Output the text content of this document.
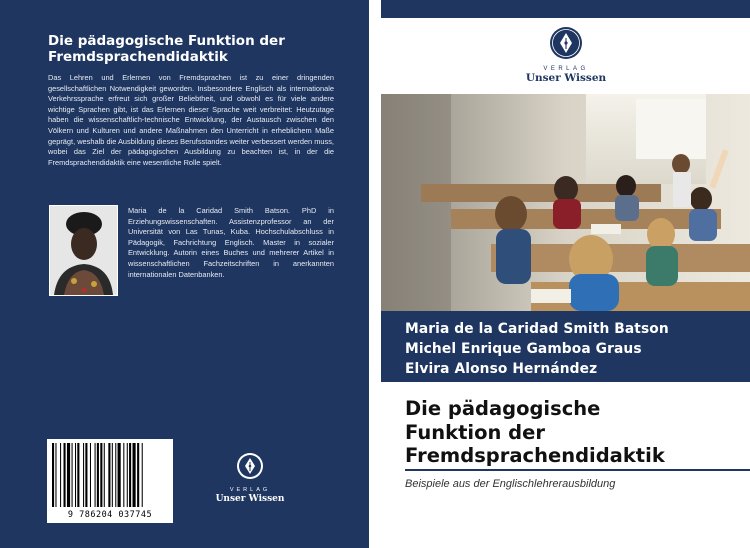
Die pädagogische Funktion der
Fremdsprachendidaktik
Das Lehren und Erlernen von Fremdsprachen ist zu einer dringenden gesellschaftlichen Notwendigkeit geworden. Insbesondere Englisch als internationale Verkehrssprache erfreut sich großer Beliebtheit, und obwohl es für viele andere wichtige Sprachen gibt, ist das Erlernen dieser Sprache weit verbreitet: Heutzutage haben die wissenschaftlich-technische Entwicklung, der Austausch zwischen den Völkern und Kulturen und andere Maßnahmen den Unterricht in erheblichem Maße geprägt, weshalb die Ausbildung dieses Berufsstandes weiter verbessert werden muss, wobei das Ziel der pädagogischen Ausbildung zu beachten ist, in der die Fremdsprachendidaktik eine wesentliche Rolle spielt.
Maria de la Caridad Smith Batson. PhD in Erziehungswissenschaften. Assistenzprofessor an der Universität von Las Tunas, Kuba. Hochschulabschluss in Pädagogik, Fachrichtung Englisch. Master in sozialer Entwicklung. Autorin eines Buches und mehrerer Artikel in wissenschaftlichen Fachzeitschriften in anerkannten internationalen Datenbanken.
9 786204 037745
VERLAG
Unser Wissen
VERLAG
Unser Wissen
Maria de la Caridad Smith Batson
Michel Enrique Gamboa Graus
Elvira Alonso Hernández
Die pädagogische
Funktion der
Fremdsprachendidaktik
Beispiele aus der Englischlehrerausbildung
